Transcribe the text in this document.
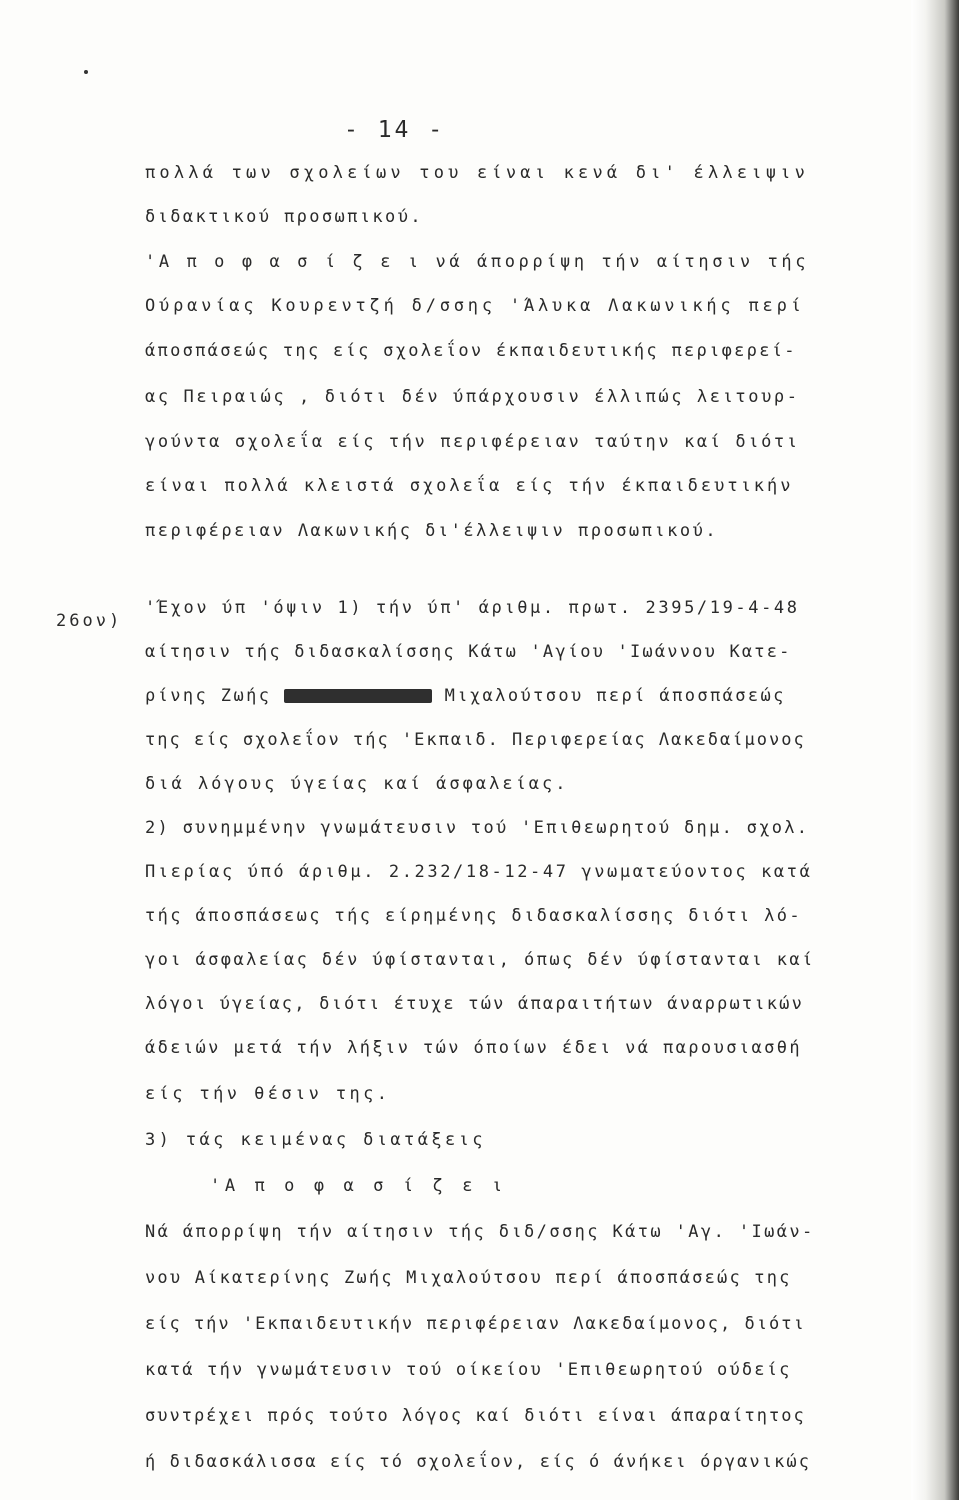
- 14 -
26ον)
πολλά των σχολείων του είναι κενά δι' έλλειψιν
διδακτικού προσωπικού.
'Α π ο φ α σ ί ζ ε ι νά άπορρίψη τήν αίτησιν τής
Ούρανίας Κουρεντζή δ/σσης 'Άλυκα Λακωνικής περί
άποσπάσεώς της είς σχολεΐον έκπαιδευτικής περιφερεί-
ας Πειραιώς , διότι δέν ύπάρχουσιν έλλιπώς λειτουρ-
γούντα σχολεΐα είς τήν περιφέρειαν ταύτην καί διότι
είναι πολλά κλειστά σχολεΐα είς τήν έκπαιδευτικήν
περιφέρειαν Λακωνικής δι'έλλειψιν προσωπικού.
'Έχον ύπ 'όψιν 1) τήν ύπ' άριθμ. πρωτ. 2395/19-4-48
αίτησιν τής διδασκαλίσσης Κάτω 'Αγίου 'Ιωάννου Κατε-
ρίνης Ζωής	Μιχαλούτσου περί άποσπάσεώς
της είς σχολεΐον τής 'Εκπαιδ. Περιφερείας Λακεδαίμονος
διά λόγους ύγείας καί άσφαλείας.
2) συνημμένην γνωμάτευσιν τού 'Επιθεωρητού δημ. σχολ.
Πιερίας ύπό άριθμ. 2.232/18-12-47 γνωματεύοντος κατά
τής άποσπάσεως τής είρημένης διδασκαλίσσης διότι λό-
γοι άσφαλείας δέν ύφίστανται, όπως δέν ύφίστανται καί
λόγοι ύγείας, διότι έτυχε τών άπαραιτήτων άναρρωτικών
άδειών μετά τήν λήξιν τών όποίων έδει νά παρουσιασθή
είς τήν θέσιν της.
3) τάς κειμένας διατάξεις
'Α π ο φ α σ ί ζ ε ι
Νά άπορρίψη τήν αίτησιν τής διδ/σσης Κάτω 'Αγ. 'Ιωάν-
νου Αίκατερίνης Ζωής Μιχαλούτσου περί άποσπάσεώς της
είς τήν 'Εκπαιδευτικήν περιφέρειαν Λακεδαίμονος, διότι
κατά τήν γνωμάτευσιν τού οίκείου 'Επιθεωρητού ούδείς
συντρέχει πρός τούτο λόγος καί διότι είναι άπαραίτητος
ή διδασκάλισσα είς τό σχολεΐον, είς ό άνήκει όργανικώς
